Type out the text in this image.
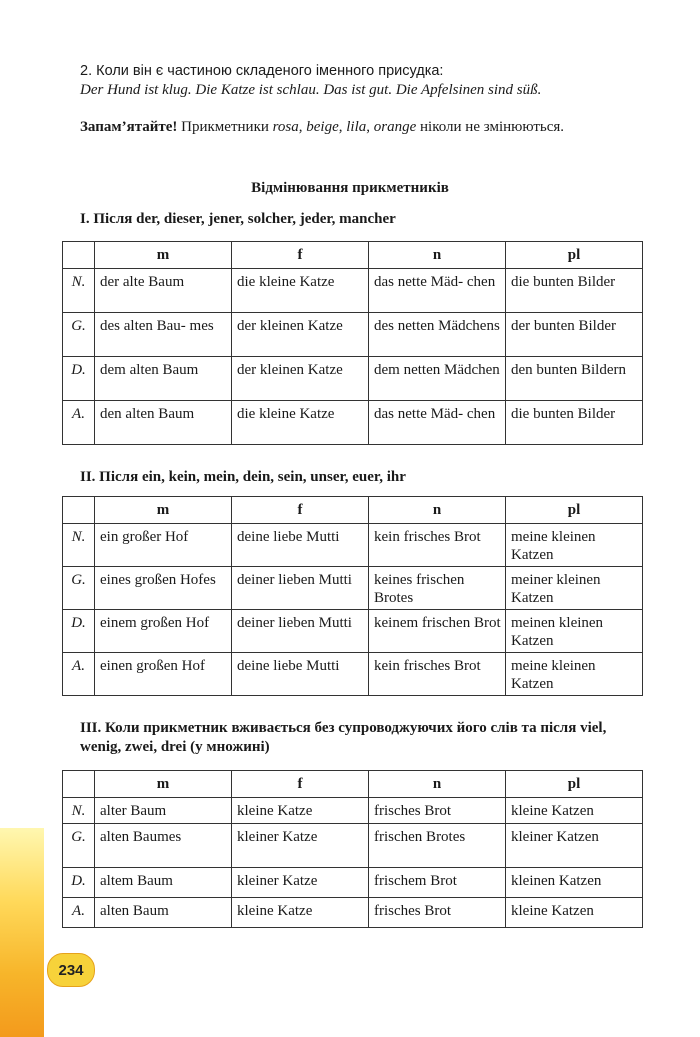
234
2. Коли він є частиною складеного іменного присудка:
Der Hund ist klug. Die Katze ist schlau. Das ist gut. Die Apfelsinen sind süß.
Запам’ятайте! Прикметники rosa, beige, lila, orange ніколи не змінюються.
Відмінювання прикметників
I. Після der, dieser, jener, solcher, jeder, mancher
	m	f	n	pl
N.	der alte Baum	die kleine Katze	das nette Mäd- chen	die bunten Bilder
G.	des alten Bau- mes	der kleinen Katze	des netten Mädchens	der bunten Bilder
D.	dem alten Baum	der kleinen Katze	dem netten Mädchen	den bunten Bildern
A.	den alten Baum	die kleine Katze	das nette Mäd- chen	die bunten Bilder
II. Після ein, kein, mein, dein, sein, unser, euer, ihr
	m	f	n	pl
N.	ein großer Hof	deine liebe Mutti	kein frisches Brot	meine kleinen Katzen
G.	eines großen Hofes	deiner lieben Mutti	keines frischen Brotes	meiner kleinen Katzen
D.	einem großen Hof	deiner lieben Mutti	keinem frischen Brot	meinen kleinen Katzen
A.	einen großen Hof	deine liebe Mutti	kein frisches Brot	meine kleinen Katzen
III. Коли прикметник вживається без супроводжуючих його слів та після viel, wenig, zwei, drei (у множині)
	m	f	n	pl
N.	alter Baum	kleine Katze	frisches Brot	kleine Katzen
G.	alten Baumes	kleiner Katze	frischen Brotes	kleiner Katzen
D.	altem Baum	kleiner Katze	frischem Brot	kleinen Katzen
A.	alten Baum	kleine Katze	frisches Brot	kleine Katzen
